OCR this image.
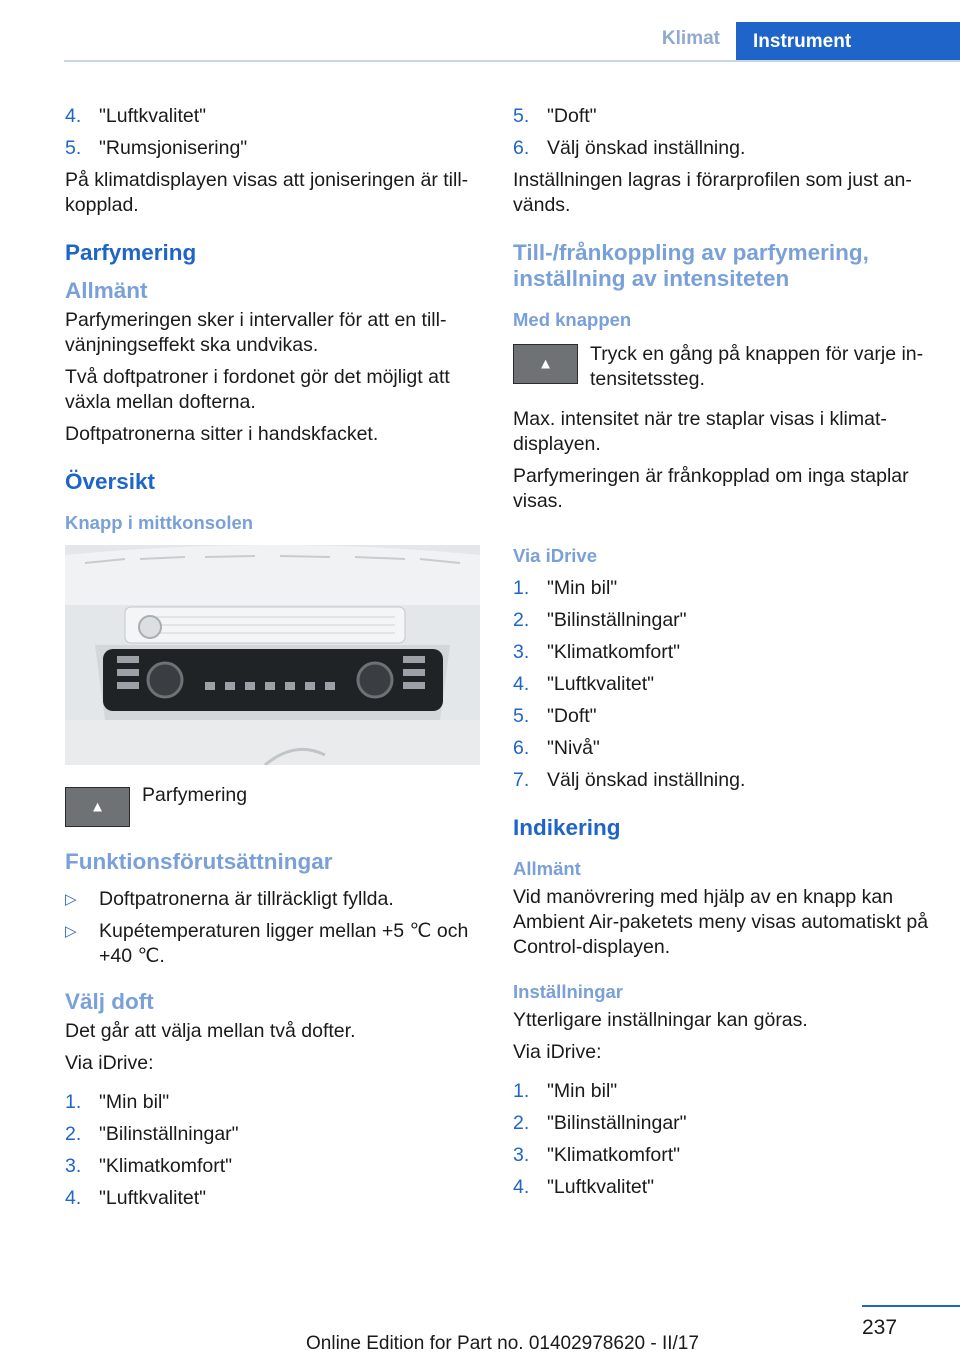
Klimat	Instrument
4. "Luftkvalitet"
5. "Rumsjonisering"

På klimatdisplayen visas att joniseringen är till-kopplad.

Parfymering
Allmänt

Parfymeringen sker i intervaller för att en till-vänjningseffekt ska undvikas.

Två doftpatroner i fordonet gör det möjligt att växla mellan dofterna.

Doftpatronerna sitter i handskfacket.

Översikt
Knapp i mittkonsolen
▲
Parfymering
Funktionsförutsättningar
▷	Doftpatronerna är tillräckligt fyllda.
▷	Kupétemperaturen ligger mellan +5 ℃ och +40 ℃.
Välj doft

Det går att välja mellan två dofter.

Via iDrive:

1. "Min bil"
2. "Bilinställningar"
3. "Klimatkomfort"
4. "Luftkvalitet"
5. "Doft"
6. Välj önskad inställning.

Inställningen lagras i förarprofilen som just an-vänds.

Till-/frånkoppling av parfymering, inställning av intensiteten
Med knappen
▲ Tryck en gång på knappen för varje in-tensitetssteg.

Max. intensitet när tre staplar visas i klimat-displayen.

Parfymeringen är frånkopplad om inga staplar visas.

Via iDrive
1. "Min bil"
2. "Bilinställningar"
3. "Klimatkomfort"
4. "Luftkvalitet"
5. "Doft"
6. "Nivå"
7. Välj önskad inställning.
Indikering
Allmänt

Vid manövrering med hjälp av en knapp kan Ambient Air-paketets meny visas automatiskt på Control-displayen.

Inställningar

Ytterligare inställningar kan göras.

Via iDrive:

1. "Min bil"
2. "Bilinställningar"
3. "Klimatkomfort"
4. "Luftkvalitet"
237
Online Edition for Part no. 01402978620 - II/17
